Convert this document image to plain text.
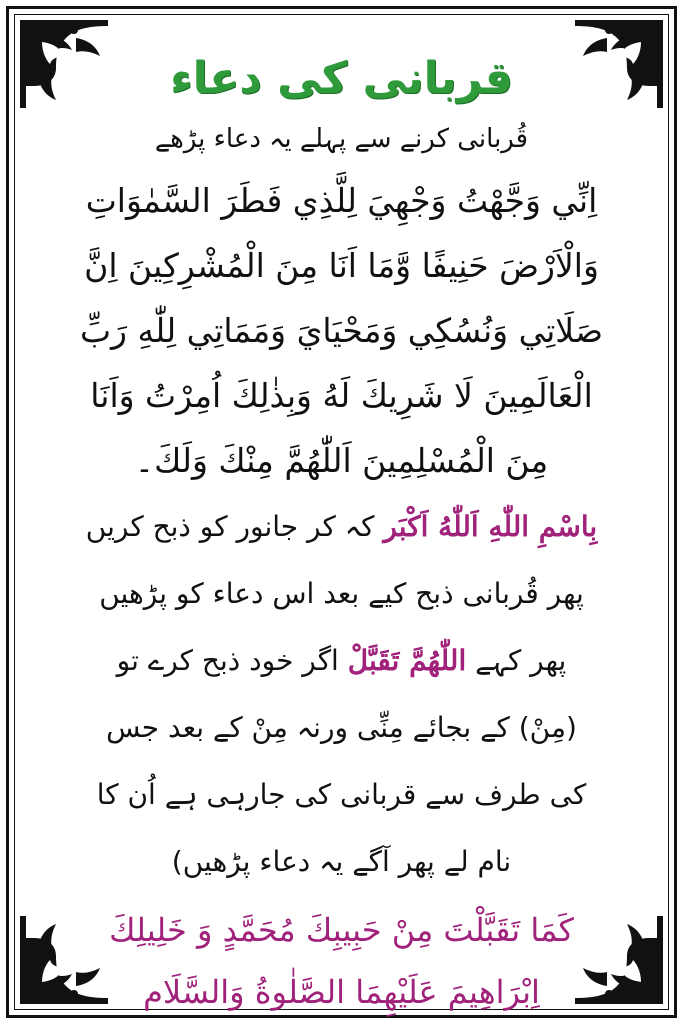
قربانی کی دعاء
قُربانی کرنے سے پہلے یہ دعاء پڑھے
اِنِّي وَجَّهْتُ وَجْهِيَ لِلَّذِي فَطَرَ السَّمٰوَاتِ
وَالْاَرْضَ حَنِيفًا وَّمَا اَنَا مِنَ الْمُشْرِكِينَ اِنَّ
صَلَاتِي وَنُسُكِي وَمَحْيَايَ وَمَمَاتِي لِلّٰهِ رَبِّ
الْعَالَمِينَ لَا شَرِيكَ لَهُ وَبِذٰلِكَ اُمِرْتُ وَاَنَا
مِنَ الْمُسْلِمِينَ اَللّٰهُمَّ مِنْكَ وَلَكَ۔
بِاسْمِ اللّٰهِ اَللّٰهُ اَكْبَر کہ کر جانور کو ذبح کریں
پھر قُربانی ذبح کیے بعد اس دعاء کو پڑھیں
پھر کہے اللّٰهُمَّ تَقَبَّلْ اگر خود ذبح کرے تو
(مِنْ) کے بجائے مِنِّی ورنہ مِنْ کے بعد جس
کی طرف سے قربانی کی جارہی ہے اُن کا
نام لے پھر آگے یہ دعاء پڑھیں)
كَمَا تَقَبَّلْتَ مِنْ حَبِيبِكَ مُحَمَّدٍ وَ خَلِيلِكَ
اِبْرَاهِيمَ عَلَيْهِمَا الصَّلٰوةُ وَالسَّلَام
